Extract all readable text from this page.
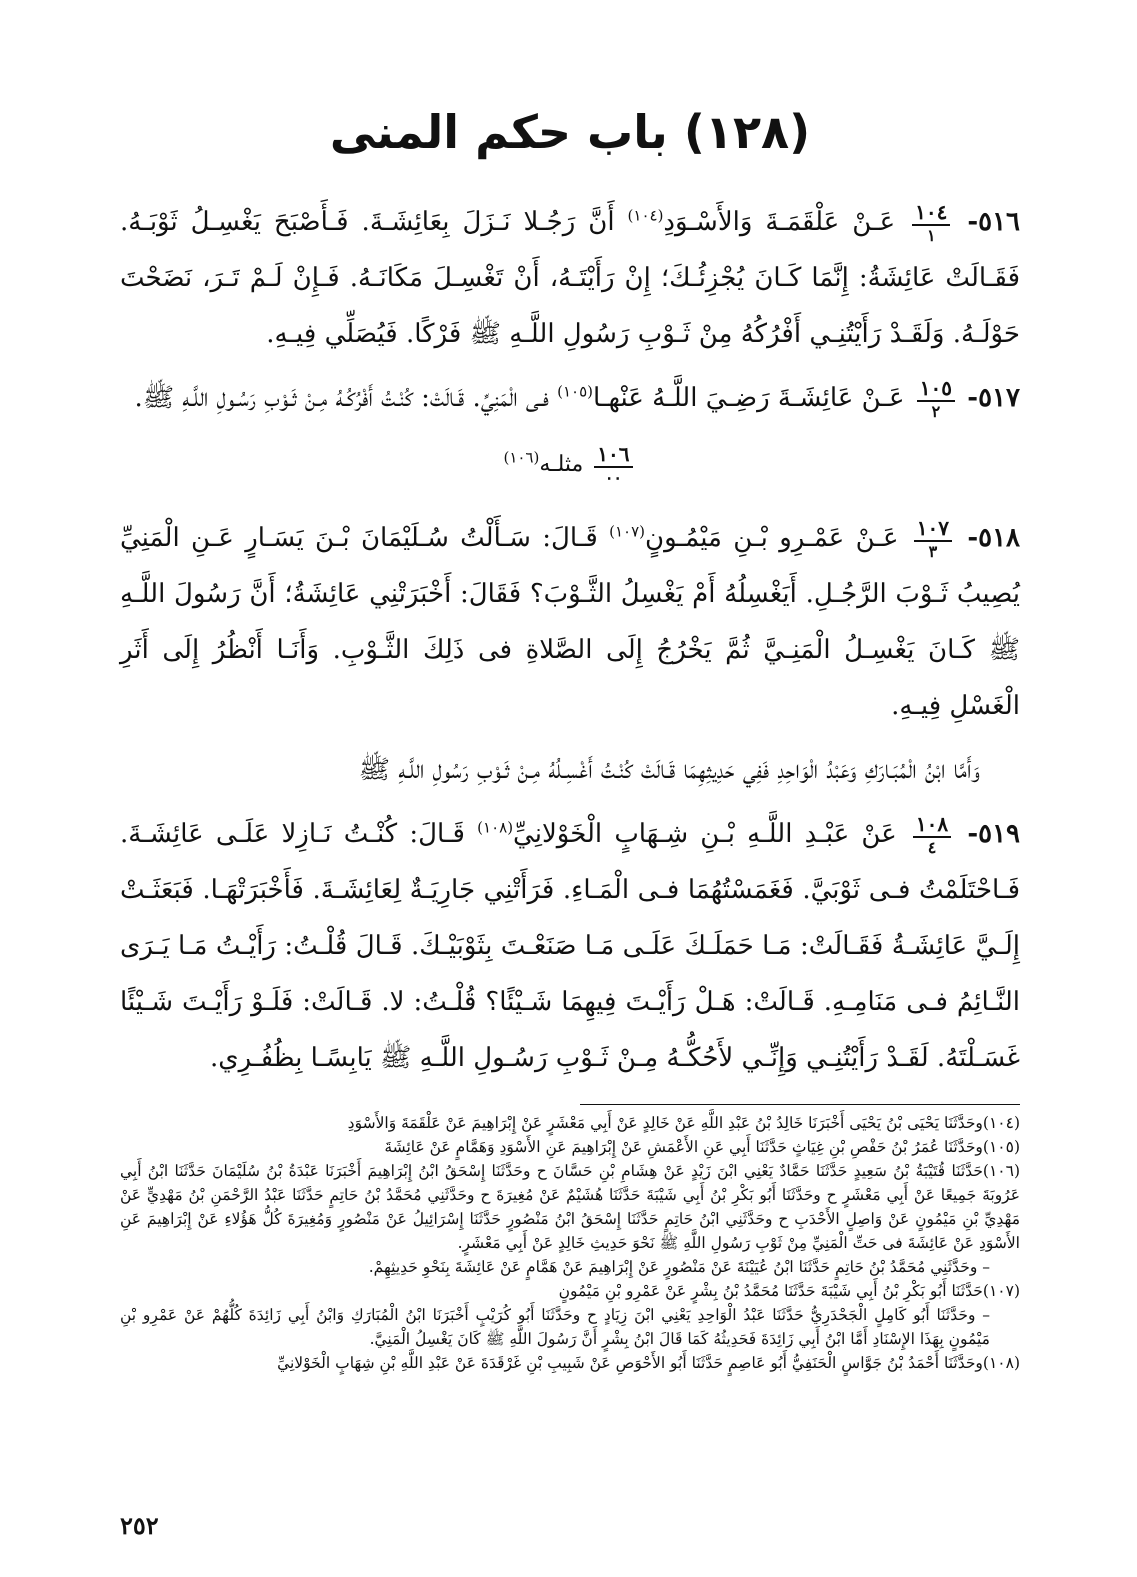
(١٢٨) باب حكم المنى

٥١٦-
$\frac{١٠٤}{١}$
عَـنْ عَلْقَمَـةَ وَالأَسْـوَدِ$^{(١٠٤)}$ أَنَّ رَجُـلا نَـزَلَ بِعَائِشَـةَ. فَـأَصْبَحَ يَغْسِـلُ ثَوْبَـهُ. فَقَـالَتْ عَائِشَةُ: إِنَّمَا كَـانَ يُجْزِئُـكَ؛ إِنْ رَأَيْتَـهُ، أَنْ تَغْسِـلَ مَكَانَـهُ. فَـإِنْ لَـمْ تَـرَ، نَضَحْتَ حَوْلَـهُ. وَلَقَـدْ رَأَيْتُنِـي أَفْرُكُهُ مِنْ ثَـوْبِ رَسُولِ اللَّـهِ ﷺ فَرْكًا. فَيُصَلِّي فِيـهِ.

٥١٧-
$\frac{١٠٥}{٢}$
عَـنْ عَائِشَـةَ رَضِـيَ اللَّـهُ عَنْهـا$^{(١٠٥)}$ فـى الْمَنِيِّ. قَـالَتْ: كُنْـتُ أَفْرُكُـهُ مِـنْ ثَـوْبِ رَسُـولِ اللَّـهِ ﷺ.

$\frac{١٠٦}{٠٠}$
مثلـه$^{(١٠٦)}$

٥١٨-
$\frac{١٠٧}{٣}$
عَـنْ عَمْـرِو بْـنِ مَيْمُـونٍ$^{(١٠٧)}$ قَـالَ: سَـأَلْتُ سُـلَيْمَانَ بْـنَ يَسَـارٍ عَـنِ الْمَنِيِّ يُصِيبُ ثَـوْبَ الرَّجُـلِ. أَيَغْسِلُهُ أَمْ يَغْسِلُ الثَّـوْبَ؟ فَقَالَ: أَخْبَرَتْنِي عَائِشَةُ؛ أَنَّ رَسُولَ اللَّـهِ ﷺ كَـانَ يَغْسِـلُ الْمَنِـيَّ ثُمَّ يَخْرُجُ إِلَى الصَّلاةِ فى ذَلِكَ الثَّـوْبِ. وَأَنَـا أَنْظُرُ إِلَى أَثَرِ الْغَسْلِ فِيـهِ.

وَأَمَّا ابْنُ الْمُبَـارَكِ وَعَبْدُ الْوَاحِدِ فَفِي حَدِيثِهِمَا قَـالَتْ كُنْـتُ أَغْسِـلُهُ مِـنْ ثَـوْبِ رَسُولِ اللَّـهِ ﷺ

٥١٩-
$\frac{١٠٨}{٤}$
عَنْ عَبْـدِ اللَّـهِ بْـنِ شِـهَابٍ الْخَوْلانِيِّ$^{(١٠٨)}$ قَـالَ: كُنْـتُ نَـازِلا عَلَـى عَائِشَـةَ. فَـاحْتَلَمْتُ فـى ثَوْبَيَّ. فَغَمَسْتُهُمَا فـى الْمَـاءِ. فَرَأَتْنِي جَارِيَـةٌ لِعَائِشَـةَ. فَأَخْبَرَتْهَـا. فَبَعَثَـتْ إِلَـيَّ عَائِشَـةُ فَقَـالَتْ: مَـا حَمَلَـكَ عَلَـى مَـا صَنَعْـتَ بِثَوْبَيْـكَ. قَـالَ قُلْـتُ: رَأَيْـتُ مَـا يَـرَى النَّـائِمُ فـى مَنَامِـهِ. قَـالَتْ: هَـلْ رَأَيْـتَ فِيهِمَا شَـيْئًا؟ قُلْـتُ: لا. قَـالَتْ: فَلَـوْ رَأَيْـتَ شَـيْئًا غَسَـلْتَهُ. لَقَـدْ رَأَيْتُنِـي وَإِنِّـي لأَحُكُّـهُ مِـنْ ثَـوْبِ رَسُـولِ اللَّـهِ ﷺ يَابِسًـا بِظُفُـرِي.

(١٠٤)وحَدَّثَنَا يَحْيَى بْنُ يَحْيَى أَخْبَرَنَا خَالِدُ بْنُ عَبْدِ اللَّهِ عَنْ خَالِدٍ عَنْ أَبِي مَعْشَرٍ عَنْ إِبْرَاهِيمَ عَنْ عَلْقَمَةَ وَالأَسْوَدِ

(١٠٥)وحَدَّثَنَا عُمَرُ بْنُ حَفْصِ بْنِ غِيَاثٍ حَدَّثَنَا أَبِي عَنِ الأَعْمَشِ عَنْ إِبْرَاهِيمَ عَنِ الأَسْوَدِ وَهَمَّامٍ عَنْ عَائِشَةَ

(١٠٦)حَدَّثَنَا قُتَيْبَةُ بْنُ سَعِيدٍ حَدَّثَنَا حَمَّادٌ يَعْنِي ابْنَ زَيْدٍ عَنْ هِشَامِ بْنِ حَسَّانَ ح وحَدَّثَنَا إِسْحَقُ ابْنُ إِبْرَاهِيمَ أَخْبَرَنَا عَبْدَةُ بْنُ سُلَيْمَانَ حَدَّثَنَا ابْنُ أَبِي عَرُوبَةَ جَمِيعًا عَنْ أَبِي مَعْشَرٍ ح وحَدَّثَنَا أَبُو بَكْرِ بْنُ أَبِي شَيْبَةَ حَدَّثَنَا هُشَيْمٌ عَنْ مُغِيرَةَ ح وحَدَّثَنِي مُحَمَّدُ بْنُ حَاتِمٍ حَدَّثَنَا عَبْدُ الرَّحْمَنِ بْنُ مَهْدِيٍّ عَنْ مَهْدِيِّ بْنِ مَيْمُونٍ عَنْ وَاصِلٍ الأَحْدَبِ ح وحَدَّثَنِي ابْنُ حَاتِمٍ حَدَّثَنَا إِسْحَقُ ابْنُ مَنْصُورٍ حَدَّثَنَا إِسْرَائِيلُ عَنْ مَنْصُورٍ وَمُغِيرَةَ كُلُّ هَؤُلاءِ عَنْ إِبْرَاهِيمَ عَنِ الأَسْوَدِ عَنْ عَائِشَةَ فى حَتِّ الْمَنِيِّ مِنْ ثَوْبِ رَسُولِ اللَّهِ ﷺ نَحْوَ حَدِيثِ خَالِدٍ عَنْ أَبِي مَعْشَرٍ.

– وحَدَّثَنِي مُحَمَّدُ بْنُ حَاتِمٍ حَدَّثَنَا ابْنُ عُيَيْنَةَ عَنْ مَنْصُورٍ عَنْ إِبْرَاهِيمَ عَنْ هَمَّامٍ عَنْ عَائِشَةَ بِنَحْوِ حَدِيثِهِمْ.

(١٠٧)حَدَّثَنَا أَبُو بَكْرِ بْنُ أَبِي شَيْبَةَ حَدَّثَنَا مُحَمَّدُ بْنُ بِشْرٍ عَنْ عَمْرِو بْنِ مَيْمُونٍ

– وحَدَّثَنَا أَبُو كَامِلٍ الْجَحْدَرِيُّ حَدَّثَنَا عَبْدُ الْوَاحِدِ يَعْنِي ابْنَ زِيَادٍ ح وحَدَّثَنَا أَبُو كُرَيْبٍ أَخْبَرَنَا ابْنُ الْمُبَارَكِ وَابْنُ أَبِي زَائِدَةَ كُلُّهُمْ عَنْ عَمْرِو بْنِ مَيْمُونٍ بِهَذَا الإِسْنَادِ أَمَّا ابْنُ أَبِي زَائِدَةَ فَحَدِيثُهُ كَمَا قَالَ ابْنُ بِشْرٍ أَنَّ رَسُولَ اللَّهِ ﷺ كَانَ يَغْسِلُ الْمَنِيَّ.

(١٠٨)وحَدَّثَنَا أَحْمَدُ بْنُ جَوَّاسٍ الْحَنَفِيُّ أَبُو عَاصِمٍ حَدَّثَنَا أَبُو الأَحْوَصِ عَنْ شَبِيبِ بْنِ غَرْقَدَةَ عَنْ عَبْدِ اللَّهِ بْنِ شِهَابٍ الْخَوْلانِيِّ

٢٥٢
